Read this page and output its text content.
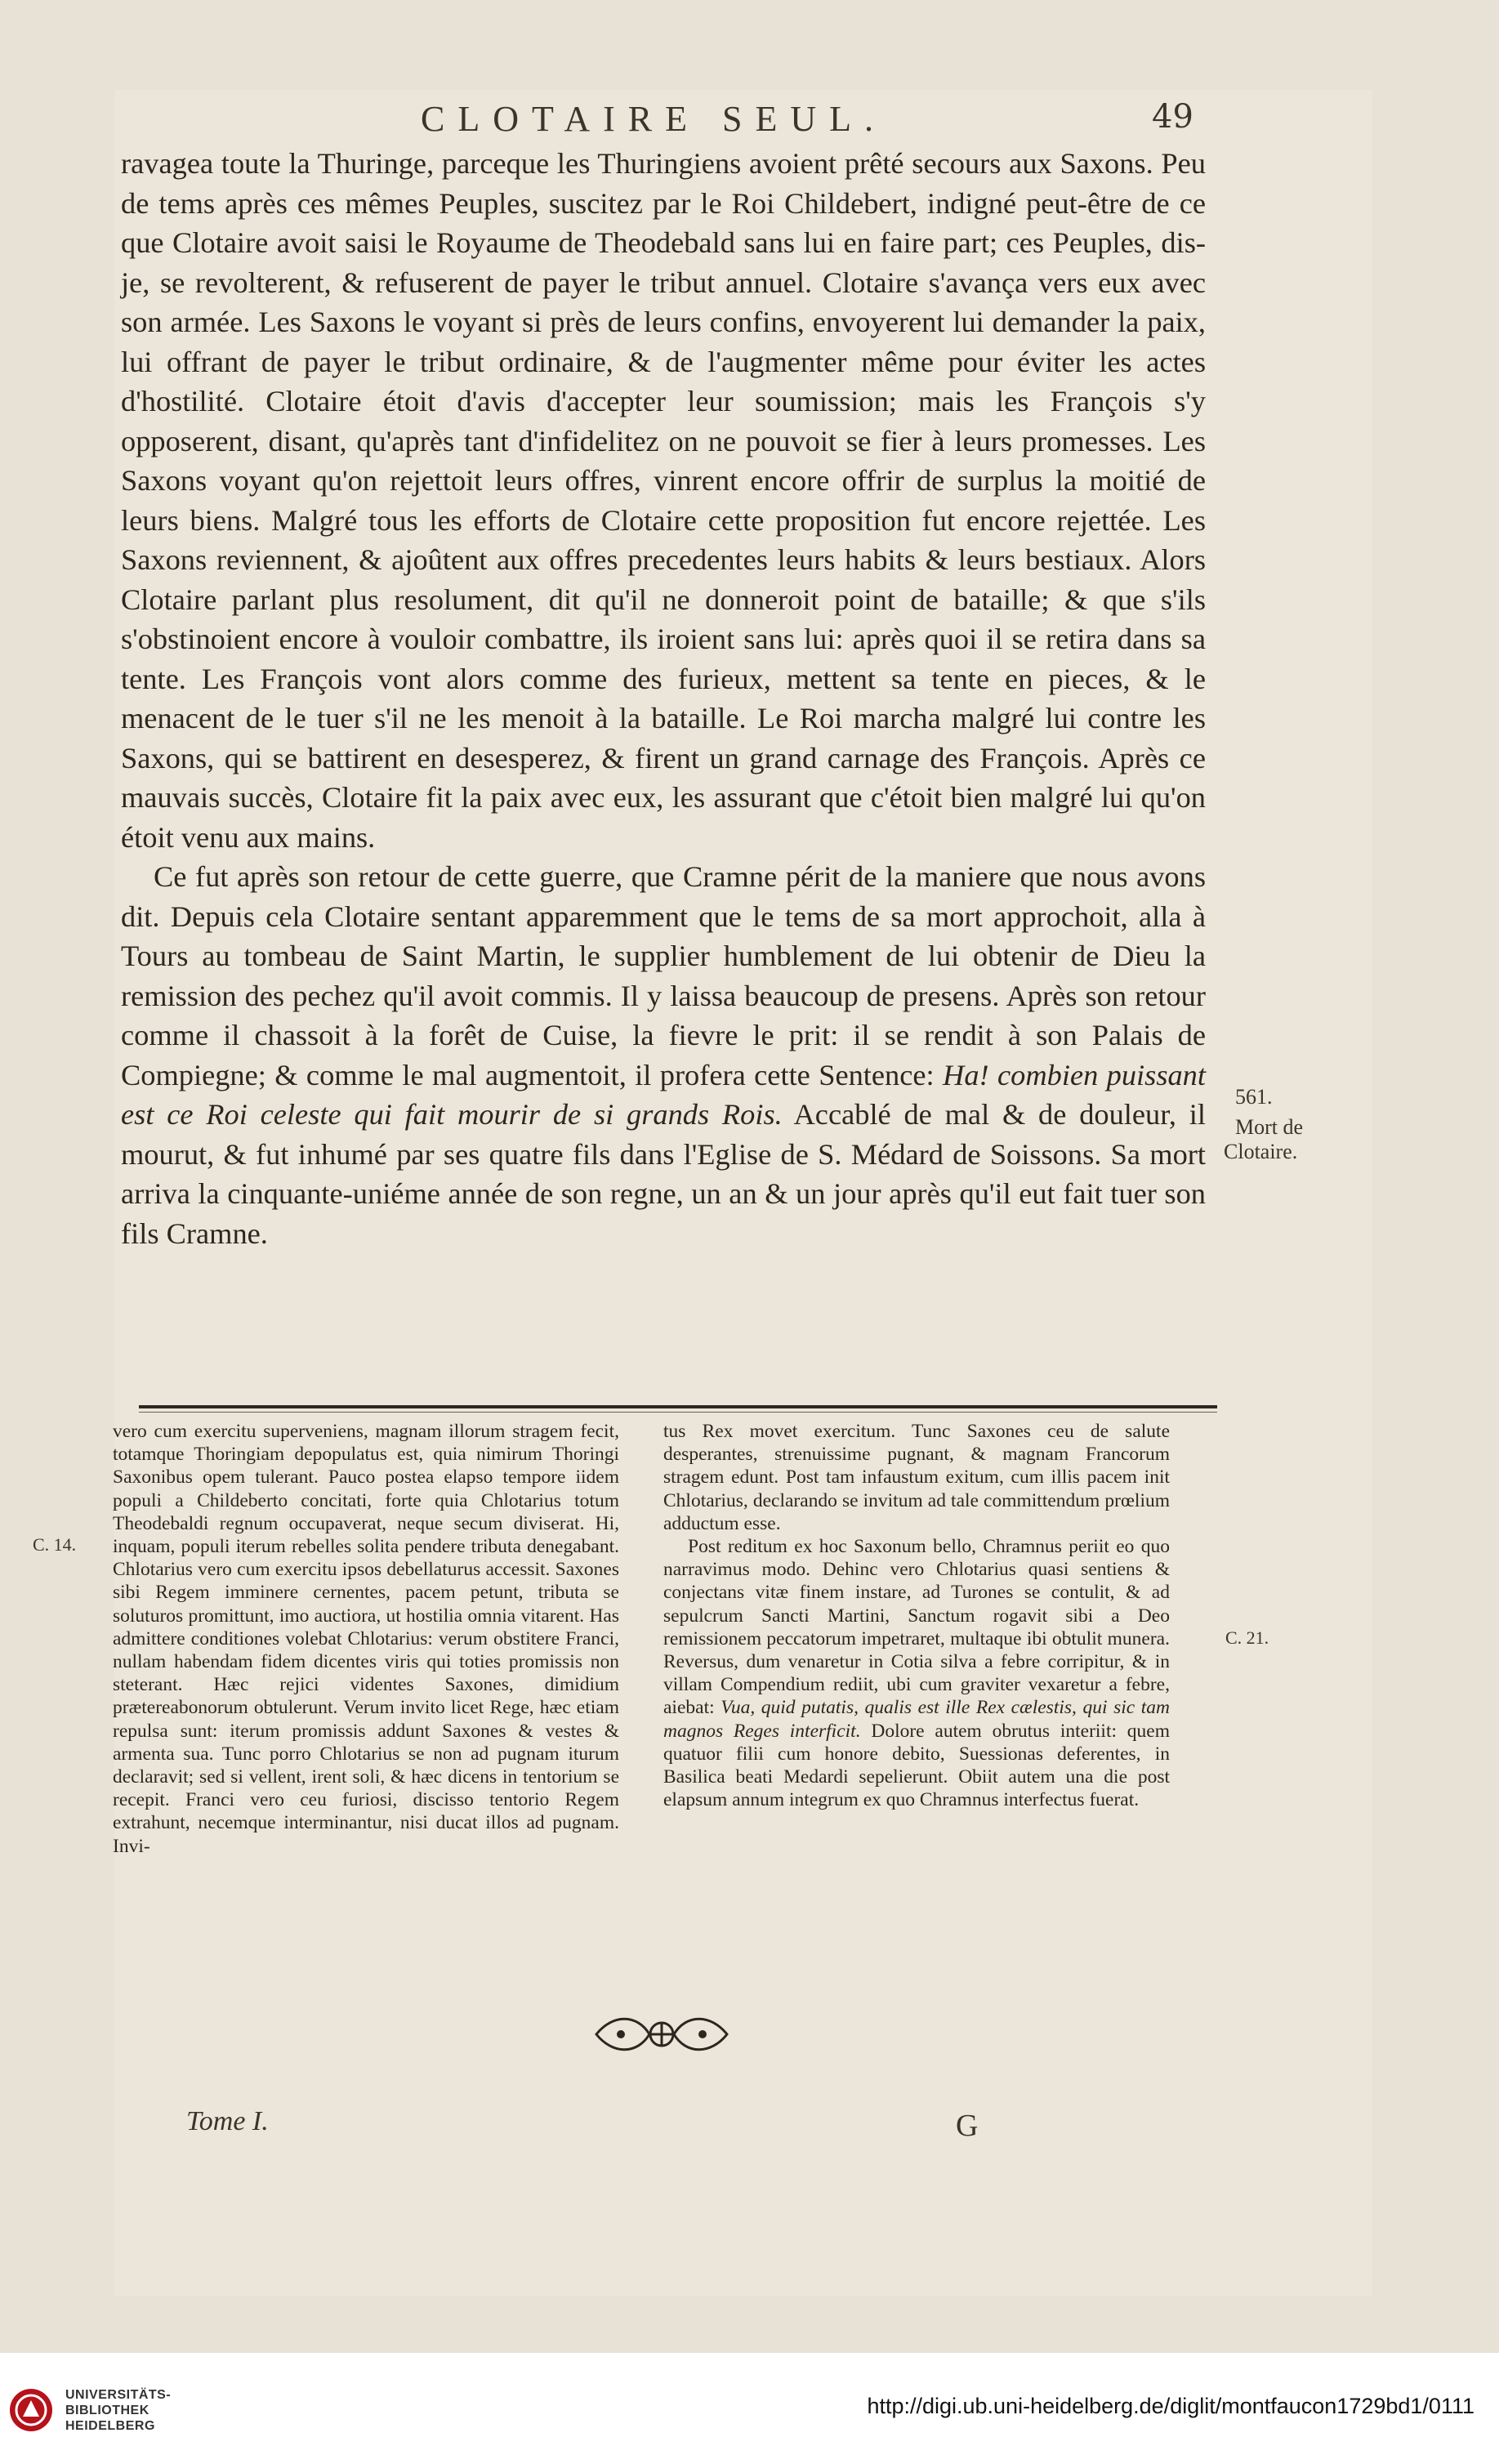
CLOTAIRE SEUL.	49

ravagea toute la Thuringe, parceque les Thuringiens avoient prêté secours aux Saxons. Peu de tems après ces mêmes Peuples, suscitez par le Roi Childebert, indigné peut-être de ce que Clotaire avoit saisi le Royaume de Theodebald sans lui en faire part; ces Peuples, dis-je, se revolterent, & refuserent de payer le tribut annuel. Clotaire s'avança vers eux avec son armée. Les Saxons le voyant si près de leurs confins, envoyerent lui demander la paix, lui offrant de payer le tribut ordinaire, & de l'augmenter même pour éviter les actes d'hostilité. Clotaire étoit d'avis d'accepter leur soumission; mais les François s'y opposerent, disant, qu'après tant d'infidelitez on ne pouvoit se fier à leurs promesses. Les Saxons voyant qu'on rejettoit leurs offres, vinrent encore offrir de surplus la moitié de leurs biens. Malgré tous les efforts de Clotaire cette proposition fut encore rejettée. Les Saxons reviennent, & ajoûtent aux offres precedentes leurs habits & leurs bestiaux. Alors Clotaire parlant plus resolument, dit qu'il ne donneroit point de bataille; & que s'ils s'obstinoient encore à vouloir combattre, ils iroient sans lui: après quoi il se retira dans sa tente. Les François vont alors comme des furieux, mettent sa tente en pieces, & le menacent de le tuer s'il ne les menoit à la bataille. Le Roi marcha malgré lui contre les Saxons, qui se battirent en desesperez, & firent un grand carnage des François. Après ce mauvais succès, Clotaire fit la paix avec eux, les assurant que c'étoit bien malgré lui qu'on étoit venu aux mains.

Ce fut après son retour de cette guerre, que Cramne périt de la maniere que nous avons dit. Depuis cela Clotaire sentant apparemment que le tems de sa mort approchoit, alla à Tours au tombeau de Saint Martin, le supplier humblement de lui obtenir de Dieu la remission des pechez qu'il avoit commis. Il y laissa beaucoup de presens. Après son retour comme il chassoit à la forêt de Cuise, la fievre le prit: il se rendit à son Palais de Compiegne; & comme le mal augmentoit, il profera cette Sentence: Ha! combien puissant est ce Roi celeste qui fait mourir de si grands Rois. Accablé de mal & de douleur, il mourut, & fut inhumé par ses quatre fils dans l'Eglise de S. Médard de Soissons. Sa mort arriva la cinquante-uniéme année de son regne, un an & un jour après qu'il eut fait tuer son fils Cramne.

561.
Mort de
Clotaire.
C. 14.
C. 21.
vero cum exercitu superveniens, magnam illorum stragem fecit, totamque Thoringiam depopulatus est, quia nimirum Thoringi Saxonibus opem tulerant. Pauco postea elapso tempore iidem populi a Childeberto concitati, forte quia Chlotarius totum Theodebaldi regnum occupaverat, neque secum diviserat. Hi, inquam, populi iterum rebelles solita pendere tributa denegabant. Chlotarius vero cum exercitu ipsos debellaturus accessit. Saxones sibi Regem imminere cernentes, pacem petunt, tributa se soluturos promittunt, imo auctiora, ut hostilia omnia vitarent. Has admittere conditiones volebat Chlotarius: verum obstitere Franci, nullam habendam fidem dicentes viris qui toties promissis non steterant. Hæc rejici videntes Saxones, dimidium prætereabonorum obtulerunt. Verum invito licet Rege, hæc etiam repulsa sunt: iterum promissis addunt Saxones & vestes & armenta sua. Tunc porro Chlotarius se non ad pugnam iturum declaravit; sed si vellent, irent soli, & hæc dicens in tentorium se recepit. Franci vero ceu furiosi, discisso tentorio Regem extrahunt, necemque interminantur, nisi ducat illos ad pugnam. Invi-

tus Rex movet exercitum. Tunc Saxones ceu de salute desperantes, strenuissime pugnant, & magnam Francorum stragem edunt. Post tam infaustum exitum, cum illis pacem init Chlotarius, declarando se invitum ad tale committendum prœlium adductum esse.

Post reditum ex hoc Saxonum bello, Chramnus periit eo quo narravimus modo. Dehinc vero Chlotarius quasi sentiens & conjectans vitæ finem instare, ad Turones se contulit, & ad sepulcrum Sancti Martini, Sanctum rogavit sibi a Deo remissionem peccatorum impetraret, multaque ibi obtulit munera. Reversus, dum venaretur in Cotia silva a febre corripitur, & in villam Compendium rediit, ubi cum graviter vexaretur a febre, aiebat: Vua, quid putatis, qualis est ille Rex cælestis, qui sic tam magnos Reges interficit. Dolore autem obrutus interiit: quem quatuor filii cum honore debito, Suessionas deferentes, in Basilica beati Medardi sepelierunt. Obiit autem una die post elapsum annum integrum ex quo Chramnus interfectus fuerat.

Tome I.	G
UNIVERSITÄTS-
BIBLIOTHEK
HEIDELBERG
http://digi.ub.uni-heidelberg.de/diglit/montfaucon1729bd1/0111
